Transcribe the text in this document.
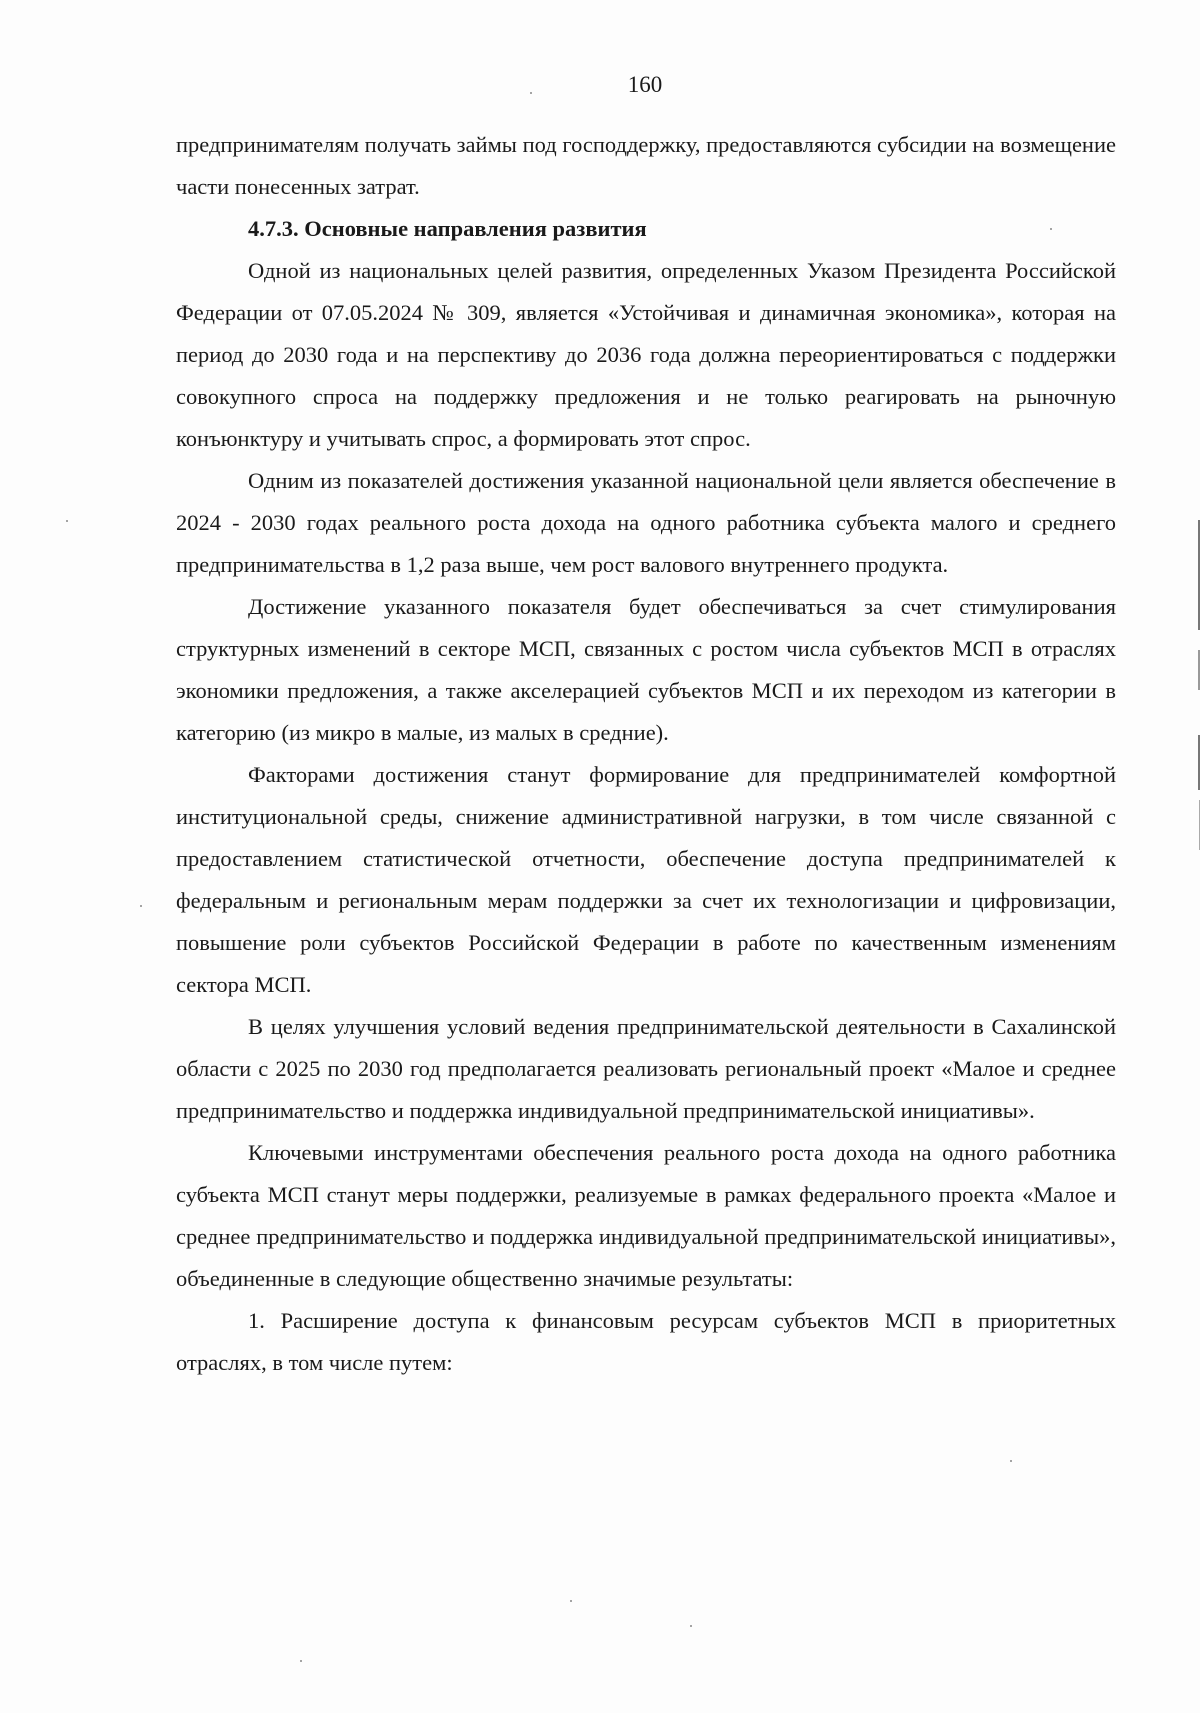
160

предпринимателям получать займы под господдержку, предоставляются субсидии на возмещение части понесенных затрат.

4.7.3. Основные направления развития

Одной из национальных целей развития, определенных Указом Президента Российской Федерации от 07.05.2024 № 309, является «Устойчивая и динамичная экономика», которая на период до 2030 года и на перспективу до 2036 года должна переориентироваться с поддержки совокупного спроса на поддержку предложения и не только реагировать на рыночную конъюнктуру и учитывать спрос, а формировать этот спрос.

Одним из показателей достижения указанной национальной цели является обеспечение в 2024 - 2030 годах реального роста дохода на одного работника субъекта малого и среднего предпринимательства в 1,2 раза выше, чем рост валового внутреннего продукта.

Достижение указанного показателя будет обеспечиваться за счет стимулирования структурных изменений в секторе МСП, связанных с ростом числа субъектов МСП в отраслях экономики предложения, а также акселерацией субъектов МСП и их переходом из категории в категорию (из микро в малые, из малых в средние).

Факторами достижения станут формирование для предпринимателей комфортной институциональной среды, снижение административной нагрузки, в том числе связанной с предоставлением статистической отчетности, обеспечение доступа предпринимателей к федеральным и региональным мерам поддержки за счет их технологизации и цифровизации, повышение роли субъектов Российской Федерации в работе по качественным изменениям сектора МСП.

В целях улучшения условий ведения предпринимательской деятельности в Сахалинской области с 2025 по 2030 год предполагается реализовать региональный проект «Малое и среднее предпринимательство и поддержка индивидуальной предпринимательской инициативы».

Ключевыми инструментами обеспечения реального роста дохода на одного работника субъекта МСП станут меры поддержки, реализуемые в рамках федерального проекта «Малое и среднее предпринимательство и поддержка индивидуальной предпринимательской инициативы», объединенные в следующие общественно значимые результаты:

1. Расширение доступа к финансовым ресурсам субъектов МСП в приоритетных отраслях, в том числе путем:
